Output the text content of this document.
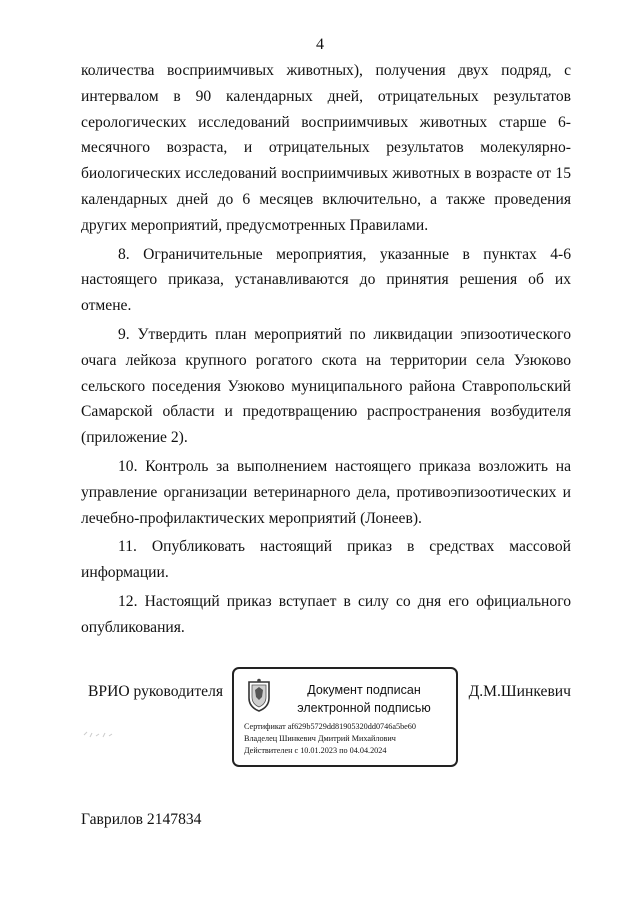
4

количества восприимчивых животных), получения двух подряд, с интервалом в 90 календарных дней, отрицательных результатов серологических исследований восприимчивых животных старше 6-месячного возраста, и отрицательных результатов молекулярно-биологических исследований восприимчивых животных в возрасте от 15 календарных дней до 6 месяцев включительно, а также проведения других мероприятий, предусмотренных Правилами.

8. Ограничительные мероприятия, указанные в пунктах 4-6 настоящего приказа, устанавливаются до принятия решения об их отмене.

9. Утвердить план мероприятий по ликвидации эпизоотического очага лейкоза крупного рогатого скота на территории села Узюково сельского поседения Узюково муниципального района Ставропольский Самарской области и предотвращению распространения возбудителя (приложение 2).

10. Контроль за выполнением настоящего приказа возложить на управление организации ветеринарного дела, противоэпизоотических и лечебно-профилактических мероприятий (Лонеев).

11. Опубликовать настоящий приказ в средствах массовой информации.

12. Настоящий приказ вступает в силу со дня его официального опубликования.

ВРИО руководителя	Документ подписан
электронной подписью
Сертификат af629b5729dd81905320dd0746a5be60
Владелец Шинкевич Дмитрий Михайлович
Действителен с 10.01.2023 по 04.04.2024
Д.М.Шинкевич
Гаврилов 2147834
